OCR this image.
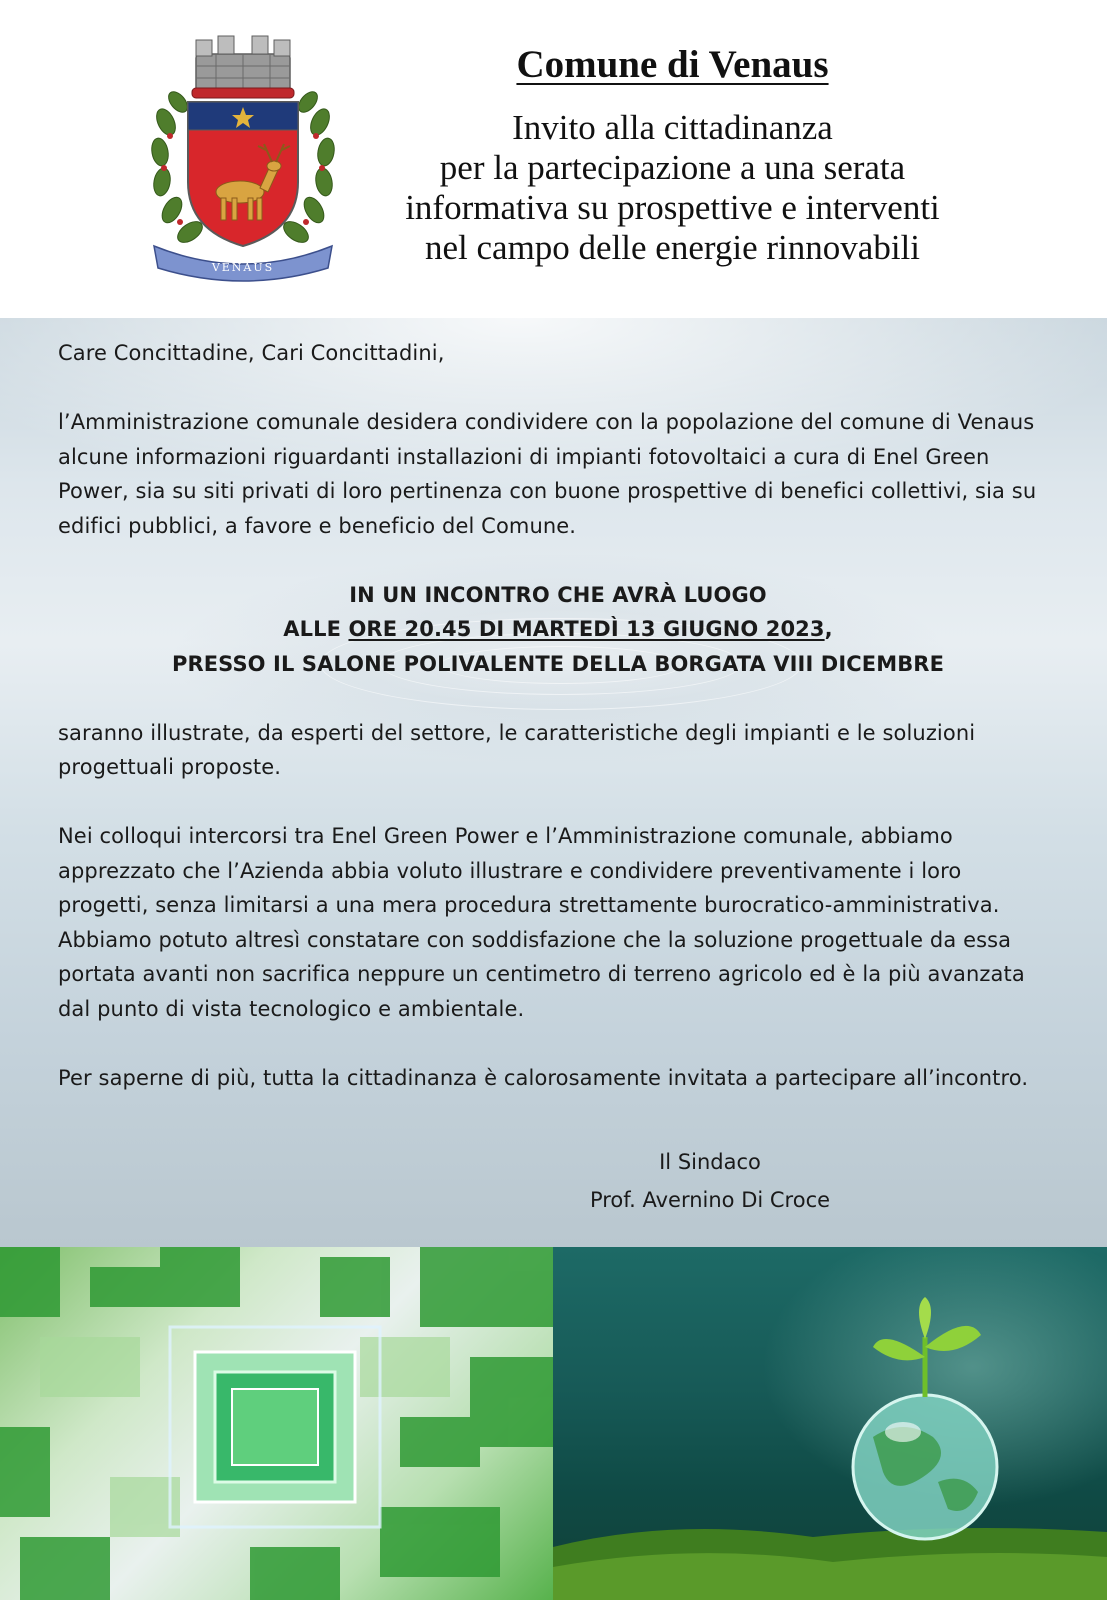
VENAUS
Comune di Venaus
Invito alla cittadinanza
per la partecipazione a una serata
informativa su prospettive e interventi
nel campo delle energie rinnovabili

Care Concittadine, Cari Concittadini,

l’Amministrazione comunale desidera condividere con la popolazione del comune di Venaus alcune informazioni riguardanti installazioni di impianti fotovoltaici a cura di Enel Green Power, sia su siti privati di loro pertinenza con buone prospettive di benefici collettivi, sia su edifici pubblici, a favore e beneficio del Comune.

IN UN INCONTRO CHE AVRÀ LUOGO
ALLE ORE 20.45 DI MARTEDÌ 13 GIUGNO 2023,
PRESSO IL SALONE POLIVALENTE DELLA BORGATA VIII DICEMBRE

saranno illustrate, da esperti del settore, le caratteristiche degli impianti e le soluzioni progettuali proposte.

Nei colloqui intercorsi tra Enel Green Power e l’Amministrazione comunale, abbiamo apprezzato che l’Azienda abbia voluto illustrare e condividere preventivamente i loro progetti, senza limitarsi a una mera procedura strettamente burocratico-amministrativa.

Abbiamo potuto altresì constatare con soddisfazione che la soluzione progettuale da essa portata avanti non sacrifica neppure un centimetro di terreno agricolo ed è la più avanzata dal punto di vista tecnologico e ambientale.

Per saperne di più, tutta la cittadinanza è calorosamente invitata a partecipare all’incontro.

Il Sindaco
Prof. Avernino Di Croce
